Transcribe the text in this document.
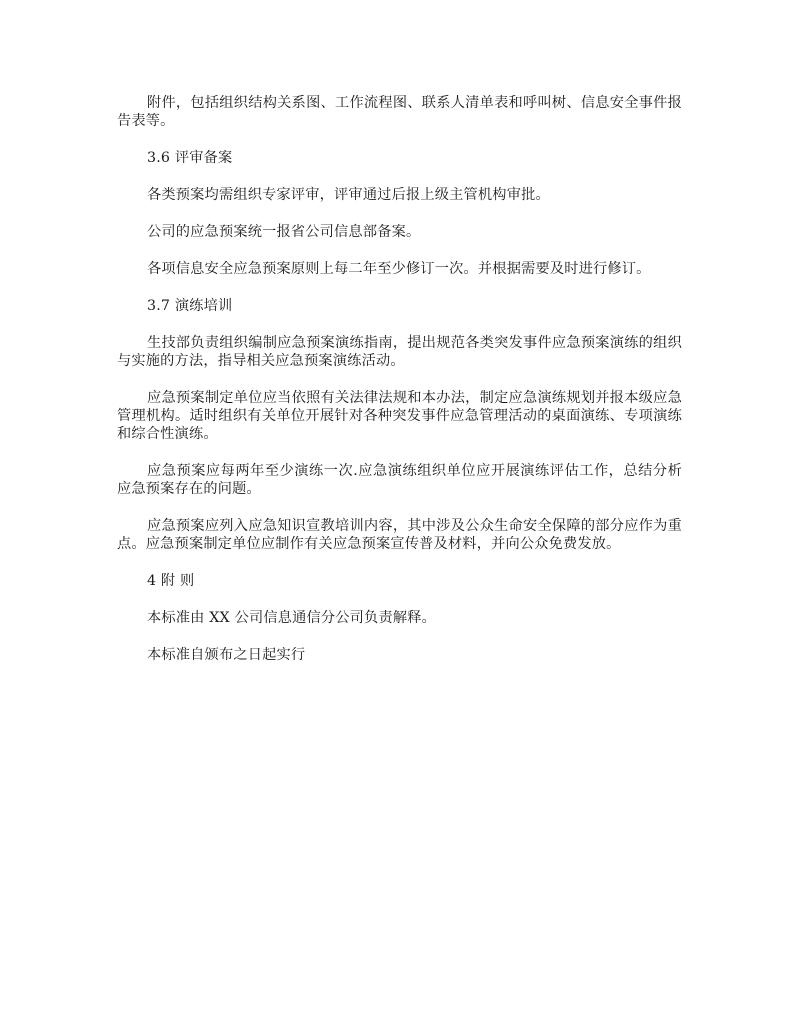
附件，包括组织结构关系图、工作流程图、联系人清单表和呼叫树、信息安全事件报告表等。

3.6 评审备案

各类预案均需组织专家评审，评审通过后报上级主管机构审批。

公司的应急预案统一报省公司信息部备案。

各项信息安全应急预案原则上每二年至少修订一次。并根据需要及时进行修订。

3.7 演练培训

生技部负责组织编制应急预案演练指南，提出规范各类突发事件应急预案演练的组织与实施的方法，指导相关应急预案演练活动。

应急预案制定单位应当依照有关法律法规和本办法，制定应急演练规划并报本级应急管理机构。适时组织有关单位开展针对各种突发事件应急管理活动的桌面演练、专项演练和综合性演练。

应急预案应每两年至少演练一次.应急演练组织单位应开展演练评估工作，总结分析应急预案存在的问题。

应急预案应列入应急知识宣教培训内容，其中涉及公众生命安全保障的部分应作为重点。应急预案制定单位应制作有关应急预案宣传普及材料，并向公众免费发放。

4 附 则

本标准由 XX 公司信息通信分公司负责解释。

本标准自颁布之日起实行
